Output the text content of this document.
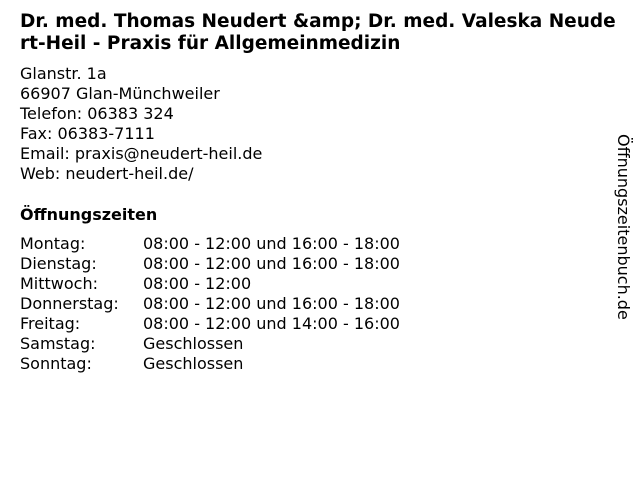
Dr. med. Thomas Neudert &amp; Dr. med. Valeska Neudert-Heil - Praxis für Allgemeinmedizin
Glanstr. 1a
66907 Glan-Münchweiler
Telefon: 06383 324
Fax: 06383-7111
Email: praxis@neudert-heil.de
Web: neudert-heil.de/
Öffnungszeiten
Montag:	08:00 - 12:00 und 16:00 - 18:00
Dienstag:	08:00 - 12:00 und 16:00 - 18:00
Mittwoch:	08:00 - 12:00
Donnerstag:	08:00 - 12:00 und 16:00 - 18:00
Freitag:	08:00 - 12:00 und 14:00 - 16:00
Samstag:	Geschlossen
Sonntag:	Geschlossen
Öffnungszeitenbuch.de
